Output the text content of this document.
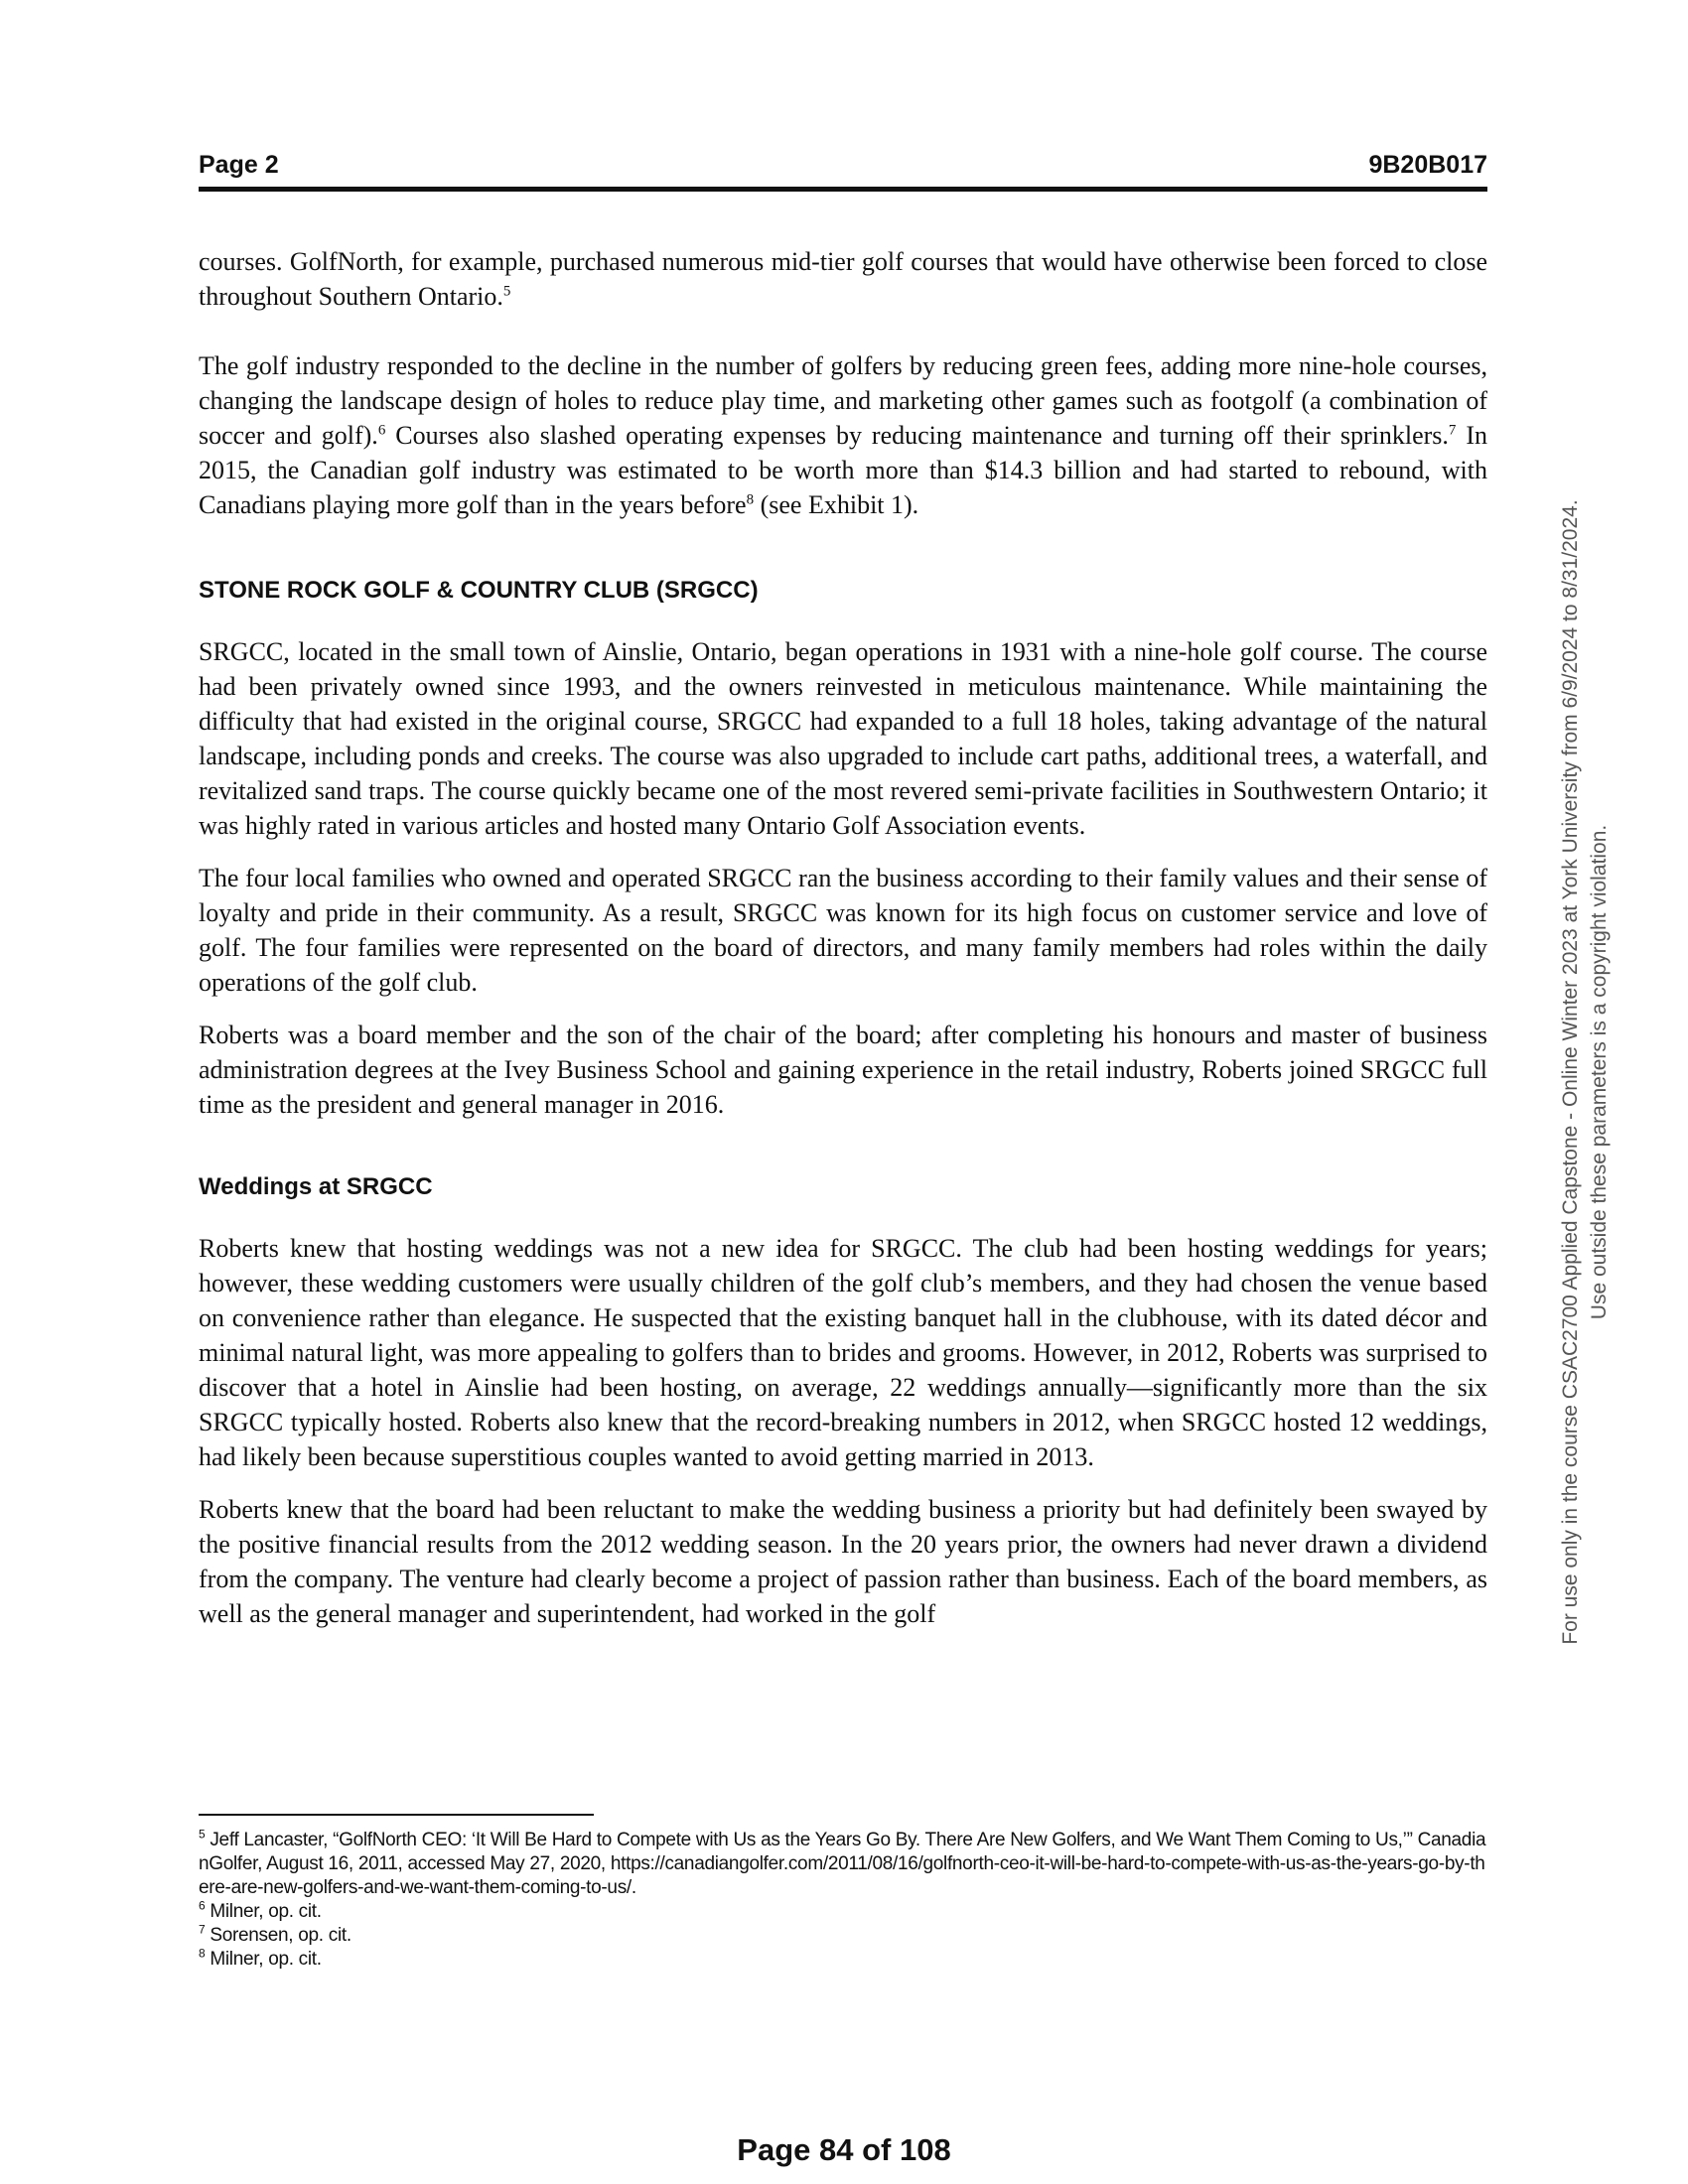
Page 2	9B20B017

courses. GolfNorth, for example, purchased numerous mid-tier golf courses that would have otherwise been forced to close throughout Southern Ontario.$^5$

The golf industry responded to the decline in the number of golfers by reducing green fees, adding more nine-hole courses, changing the landscape design of holes to reduce play time, and marketing other games such as footgolf (a combination of soccer and golf).$^6$ Courses also slashed operating expenses by reducing maintenance and turning off their sprinklers.$^7$ In 2015, the Canadian golf industry was estimated to be worth more than $14.3 billion and had started to rebound, with Canadians playing more golf than in the years before$^8$ (see Exhibit 1).

STONE ROCK GOLF & COUNTRY CLUB (SRGCC)

SRGCC, located in the small town of Ainslie, Ontario, began operations in 1931 with a nine-hole golf course. The course had been privately owned since 1993, and the owners reinvested in meticulous maintenance. While maintaining the difficulty that had existed in the original course, SRGCC had expanded to a full 18 holes, taking advantage of the natural landscape, including ponds and creeks. The course was also upgraded to include cart paths, additional trees, a waterfall, and revitalized sand traps. The course quickly became one of the most revered semi-private facilities in Southwestern Ontario; it was highly rated in various articles and hosted many Ontario Golf Association events.

The four local families who owned and operated SRGCC ran the business according to their family values and their sense of loyalty and pride in their community. As a result, SRGCC was known for its high focus on customer service and love of golf. The four families were represented on the board of directors, and many family members had roles within the daily operations of the golf club.

Roberts was a board member and the son of the chair of the board; after completing his honours and master of business administration degrees at the Ivey Business School and gaining experience in the retail industry, Roberts joined SRGCC full time as the president and general manager in 2016.

Weddings at SRGCC

Roberts knew that hosting weddings was not a new idea for SRGCC. The club had been hosting weddings for years; however, these wedding customers were usually children of the golf club’s members, and they had chosen the venue based on convenience rather than elegance. He suspected that the existing banquet hall in the clubhouse, with its dated décor and minimal natural light, was more appealing to golfers than to brides and grooms. However, in 2012, Roberts was surprised to discover that a hotel in Ainslie had been hosting, on average, 22 weddings annually—significantly more than the six SRGCC typically hosted. Roberts also knew that the record-breaking numbers in 2012, when SRGCC hosted 12 weddings, had likely been because superstitious couples wanted to avoid getting married in 2013.

Roberts knew that the board had been reluctant to make the wedding business a priority but had definitely been swayed by the positive financial results from the 2012 wedding season. In the 20 years prior, the owners had never drawn a dividend from the company. The venture had clearly become a project of passion rather than business. Each of the board members, as well as the general manager and superintendent, had worked in the golf

$^5$ Jeff Lancaster, “GolfNorth CEO: ‘It Will Be Hard to Compete with Us as the Years Go By. There Are New Golfers, and We Want Them Coming to Us,’” CanadianGolfer, August 16, 2011, accessed May 27, 2020, https://canadiangolfer.com/2011/08/16/golfnorth-ceo-it-will-be-hard-to-compete-with-us-as-the-years-go-by-there-are-new-golfers-and-we-want-them-coming-to-us/.

$^6$ Milner, op. cit.

$^7$ Sorensen, op. cit.

$^8$ Milner, op. cit.

For use only in the course CSAC2700 Applied Capstone - Online Winter 2023 at York University from 6/9/2024 to 8/31/2024. Use outside these parameters is a copyright violation.
Page 84 of 108
